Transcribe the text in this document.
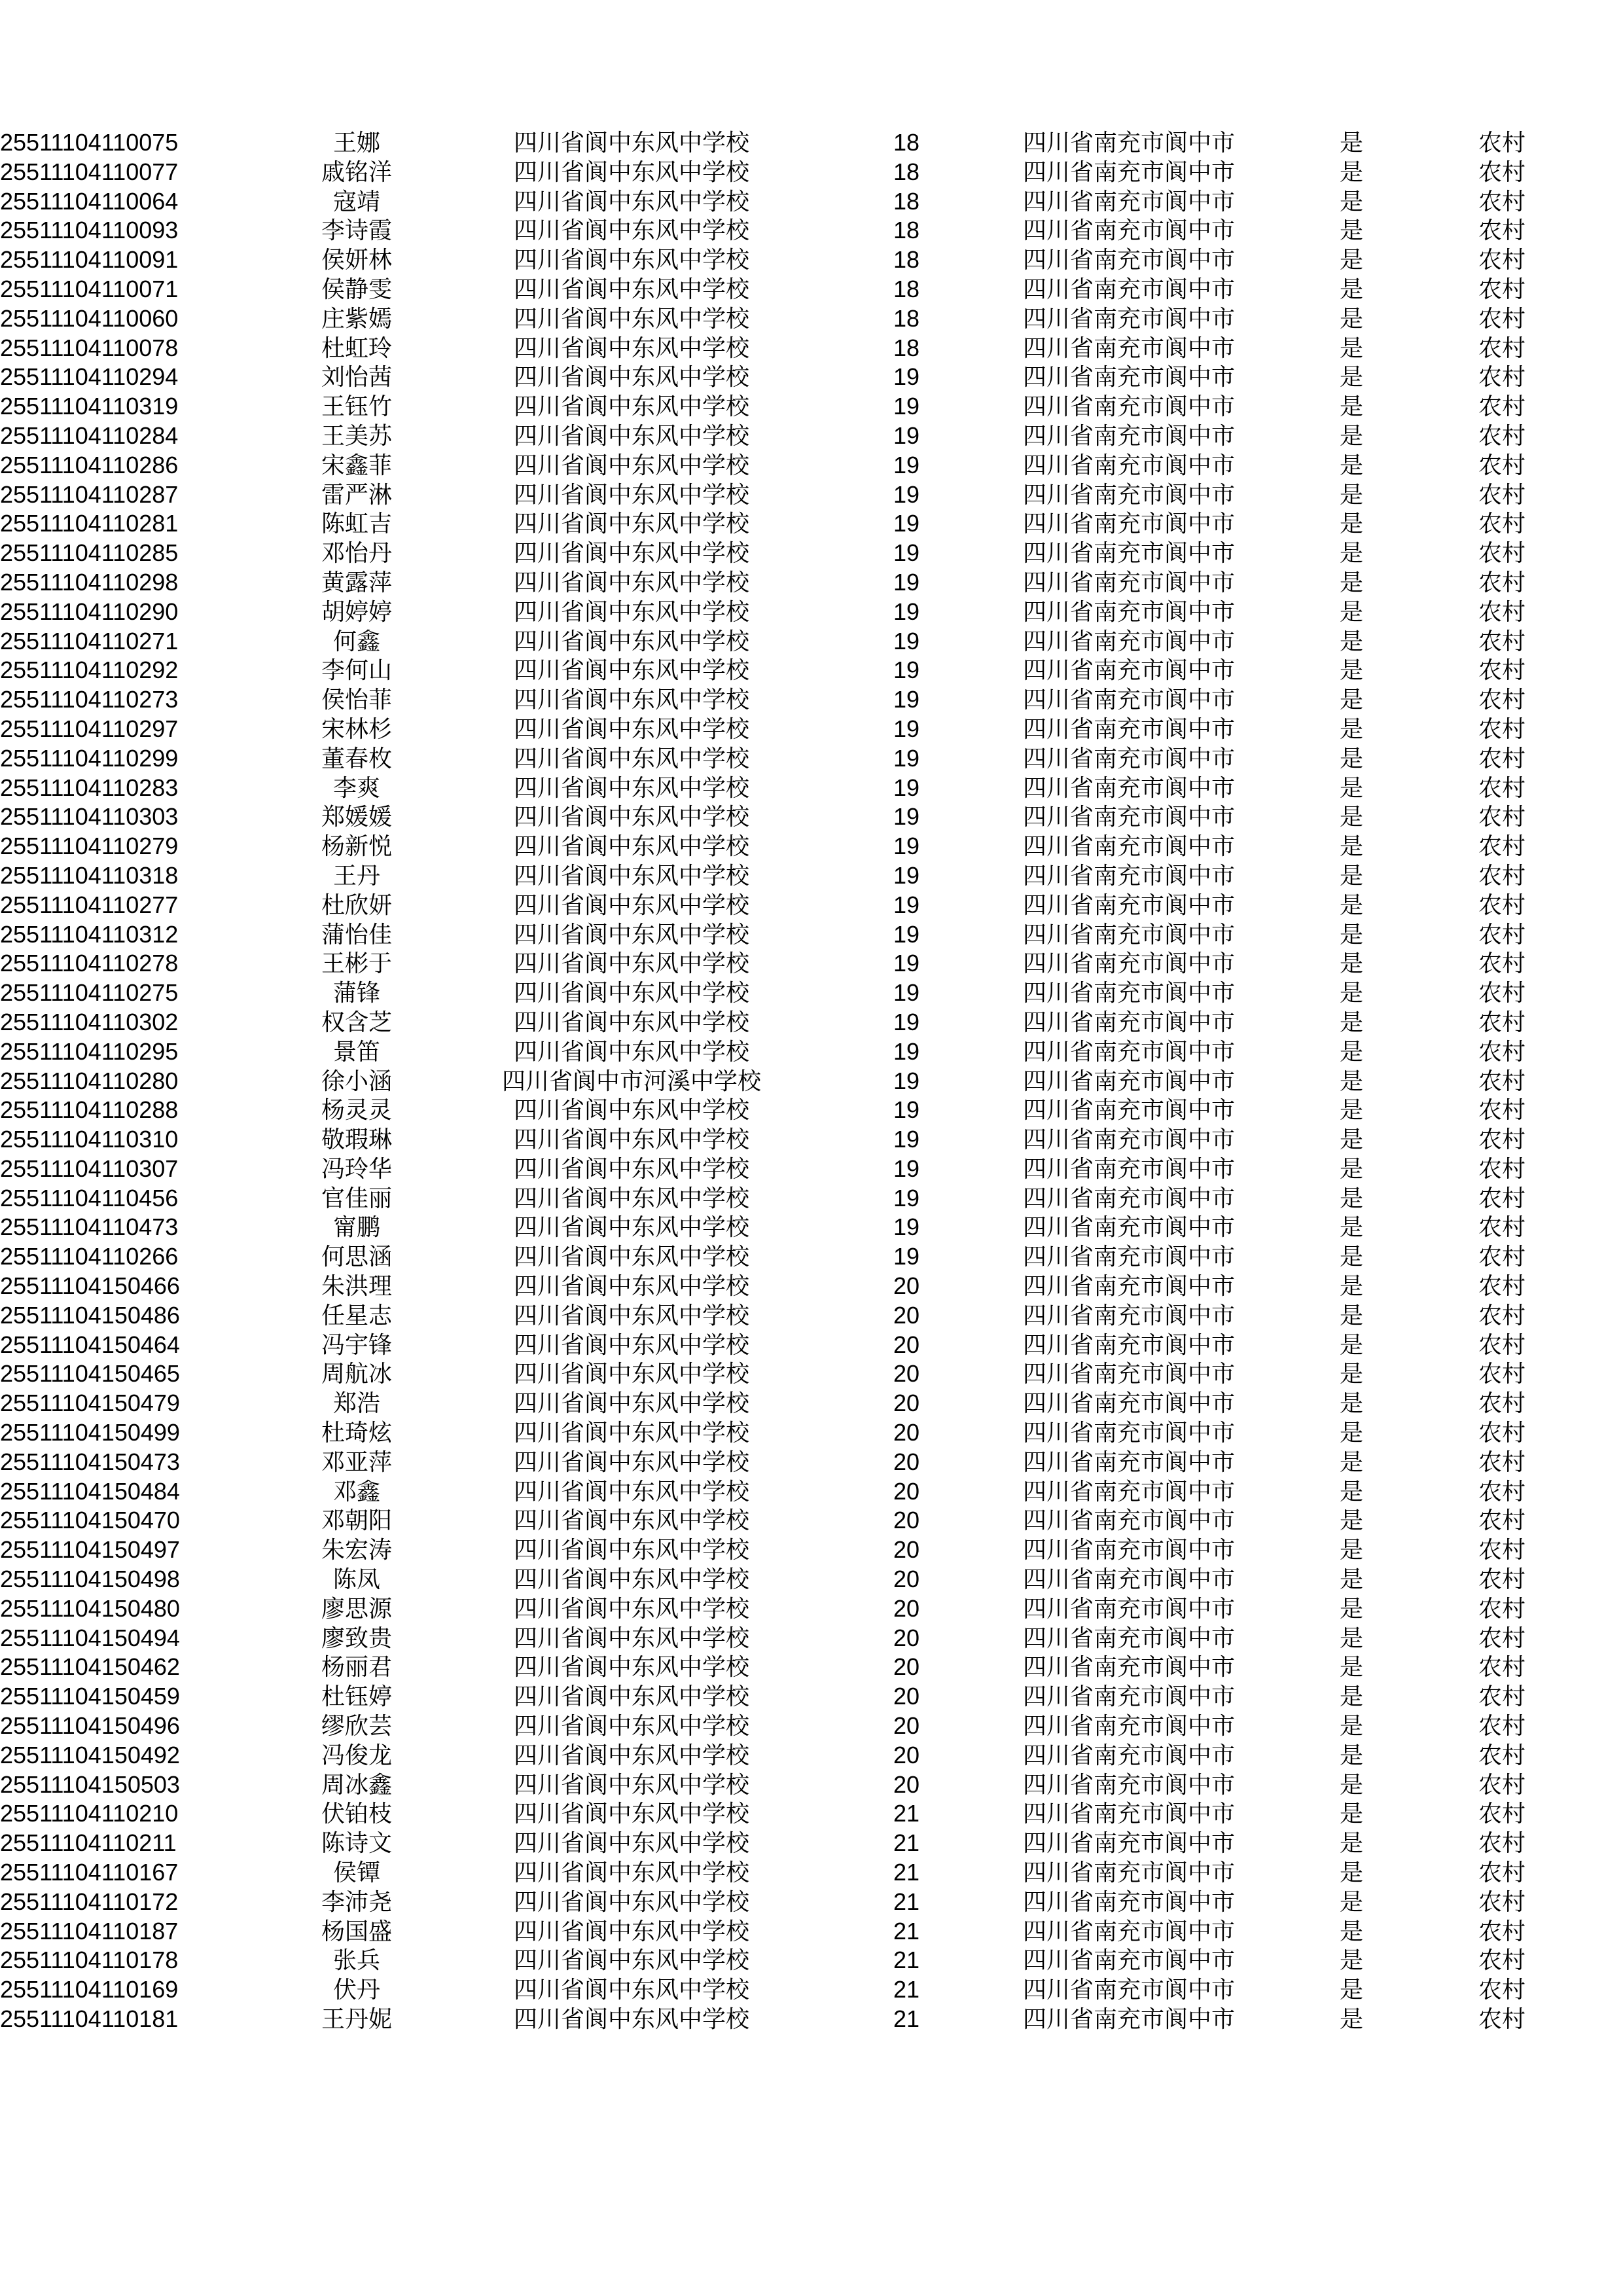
25511104110075	王娜	四川省阆中东风中学校	18	四川省南充市阆中市	是	农村	
25511104110077	戚铭洋	四川省阆中东风中学校	18	四川省南充市阆中市	是	农村	
25511104110064	寇靖	四川省阆中东风中学校	18	四川省南充市阆中市	是	农村	
25511104110093	李诗霞	四川省阆中东风中学校	18	四川省南充市阆中市	是	农村	
25511104110091	侯妍林	四川省阆中东风中学校	18	四川省南充市阆中市	是	农村	
25511104110071	侯静雯	四川省阆中东风中学校	18	四川省南充市阆中市	是	农村	
25511104110060	庄紫嫣	四川省阆中东风中学校	18	四川省南充市阆中市	是	农村	
25511104110078	杜虹玲	四川省阆中东风中学校	18	四川省南充市阆中市	是	农村	
25511104110294	刘怡茜	四川省阆中东风中学校	19	四川省南充市阆中市	是	农村	
25511104110319	王钰竹	四川省阆中东风中学校	19	四川省南充市阆中市	是	农村	
25511104110284	王美苏	四川省阆中东风中学校	19	四川省南充市阆中市	是	农村	
25511104110286	宋鑫菲	四川省阆中东风中学校	19	四川省南充市阆中市	是	农村	
25511104110287	雷严淋	四川省阆中东风中学校	19	四川省南充市阆中市	是	农村	
25511104110281	陈虹吉	四川省阆中东风中学校	19	四川省南充市阆中市	是	农村	
25511104110285	邓怡丹	四川省阆中东风中学校	19	四川省南充市阆中市	是	农村	
25511104110298	黄露萍	四川省阆中东风中学校	19	四川省南充市阆中市	是	农村	
25511104110290	胡婷婷	四川省阆中东风中学校	19	四川省南充市阆中市	是	农村	
25511104110271	何鑫	四川省阆中东风中学校	19	四川省南充市阆中市	是	农村	
25511104110292	李何山	四川省阆中东风中学校	19	四川省南充市阆中市	是	农村	
25511104110273	侯怡菲	四川省阆中东风中学校	19	四川省南充市阆中市	是	农村	
25511104110297	宋林杉	四川省阆中东风中学校	19	四川省南充市阆中市	是	农村	
25511104110299	董春枚	四川省阆中东风中学校	19	四川省南充市阆中市	是	农村	
25511104110283	李爽	四川省阆中东风中学校	19	四川省南充市阆中市	是	农村	
25511104110303	郑媛媛	四川省阆中东风中学校	19	四川省南充市阆中市	是	农村	
25511104110279	杨新悦	四川省阆中东风中学校	19	四川省南充市阆中市	是	农村	
25511104110318	王丹	四川省阆中东风中学校	19	四川省南充市阆中市	是	农村	
25511104110277	杜欣妍	四川省阆中东风中学校	19	四川省南充市阆中市	是	农村	
25511104110312	蒲怡佳	四川省阆中东风中学校	19	四川省南充市阆中市	是	农村	
25511104110278	王彬于	四川省阆中东风中学校	19	四川省南充市阆中市	是	农村	
25511104110275	蒲锋	四川省阆中东风中学校	19	四川省南充市阆中市	是	农村	
25511104110302	权含芝	四川省阆中东风中学校	19	四川省南充市阆中市	是	农村	
25511104110295	景笛	四川省阆中东风中学校	19	四川省南充市阆中市	是	农村	
25511104110280	徐小涵	四川省阆中市河溪中学校	19	四川省南充市阆中市	是	农村	
25511104110288	杨灵灵	四川省阆中东风中学校	19	四川省南充市阆中市	是	农村	
25511104110310	敬瑕琳	四川省阆中东风中学校	19	四川省南充市阆中市	是	农村	
25511104110307	冯玲华	四川省阆中东风中学校	19	四川省南充市阆中市	是	农村	
25511104110456	官佳丽	四川省阆中东风中学校	19	四川省南充市阆中市	是	农村	
25511104110473	甯鹏	四川省阆中东风中学校	19	四川省南充市阆中市	是	农村	
25511104110266	何思涵	四川省阆中东风中学校	19	四川省南充市阆中市	是	农村	
25511104150466	朱洪理	四川省阆中东风中学校	20	四川省南充市阆中市	是	农村	
25511104150486	任星志	四川省阆中东风中学校	20	四川省南充市阆中市	是	农村	
25511104150464	冯宇锋	四川省阆中东风中学校	20	四川省南充市阆中市	是	农村	
25511104150465	周航冰	四川省阆中东风中学校	20	四川省南充市阆中市	是	农村	
25511104150479	郑浩	四川省阆中东风中学校	20	四川省南充市阆中市	是	农村	
25511104150499	杜琦炫	四川省阆中东风中学校	20	四川省南充市阆中市	是	农村	
25511104150473	邓亚萍	四川省阆中东风中学校	20	四川省南充市阆中市	是	农村	
25511104150484	邓鑫	四川省阆中东风中学校	20	四川省南充市阆中市	是	农村	
25511104150470	邓朝阳	四川省阆中东风中学校	20	四川省南充市阆中市	是	农村	
25511104150497	朱宏涛	四川省阆中东风中学校	20	四川省南充市阆中市	是	农村	
25511104150498	陈凤	四川省阆中东风中学校	20	四川省南充市阆中市	是	农村	
25511104150480	廖思源	四川省阆中东风中学校	20	四川省南充市阆中市	是	农村	
25511104150494	廖致贵	四川省阆中东风中学校	20	四川省南充市阆中市	是	农村	
25511104150462	杨丽君	四川省阆中东风中学校	20	四川省南充市阆中市	是	农村	
25511104150459	杜钰婷	四川省阆中东风中学校	20	四川省南充市阆中市	是	农村	
25511104150496	缪欣芸	四川省阆中东风中学校	20	四川省南充市阆中市	是	农村	
25511104150492	冯俊龙	四川省阆中东风中学校	20	四川省南充市阆中市	是	农村	
25511104150503	周冰鑫	四川省阆中东风中学校	20	四川省南充市阆中市	是	农村	
25511104110210	伏铂枝	四川省阆中东风中学校	21	四川省南充市阆中市	是	农村	
25511104110211	陈诗文	四川省阆中东风中学校	21	四川省南充市阆中市	是	农村	
25511104110167	侯镡	四川省阆中东风中学校	21	四川省南充市阆中市	是	农村	
25511104110172	李沛尧	四川省阆中东风中学校	21	四川省南充市阆中市	是	农村	
25511104110187	杨国盛	四川省阆中东风中学校	21	四川省南充市阆中市	是	农村	
25511104110178	张兵	四川省阆中东风中学校	21	四川省南充市阆中市	是	农村	
25511104110169	伏丹	四川省阆中东风中学校	21	四川省南充市阆中市	是	农村	
25511104110181	王丹妮	四川省阆中东风中学校	21	四川省南充市阆中市	是	农村	
